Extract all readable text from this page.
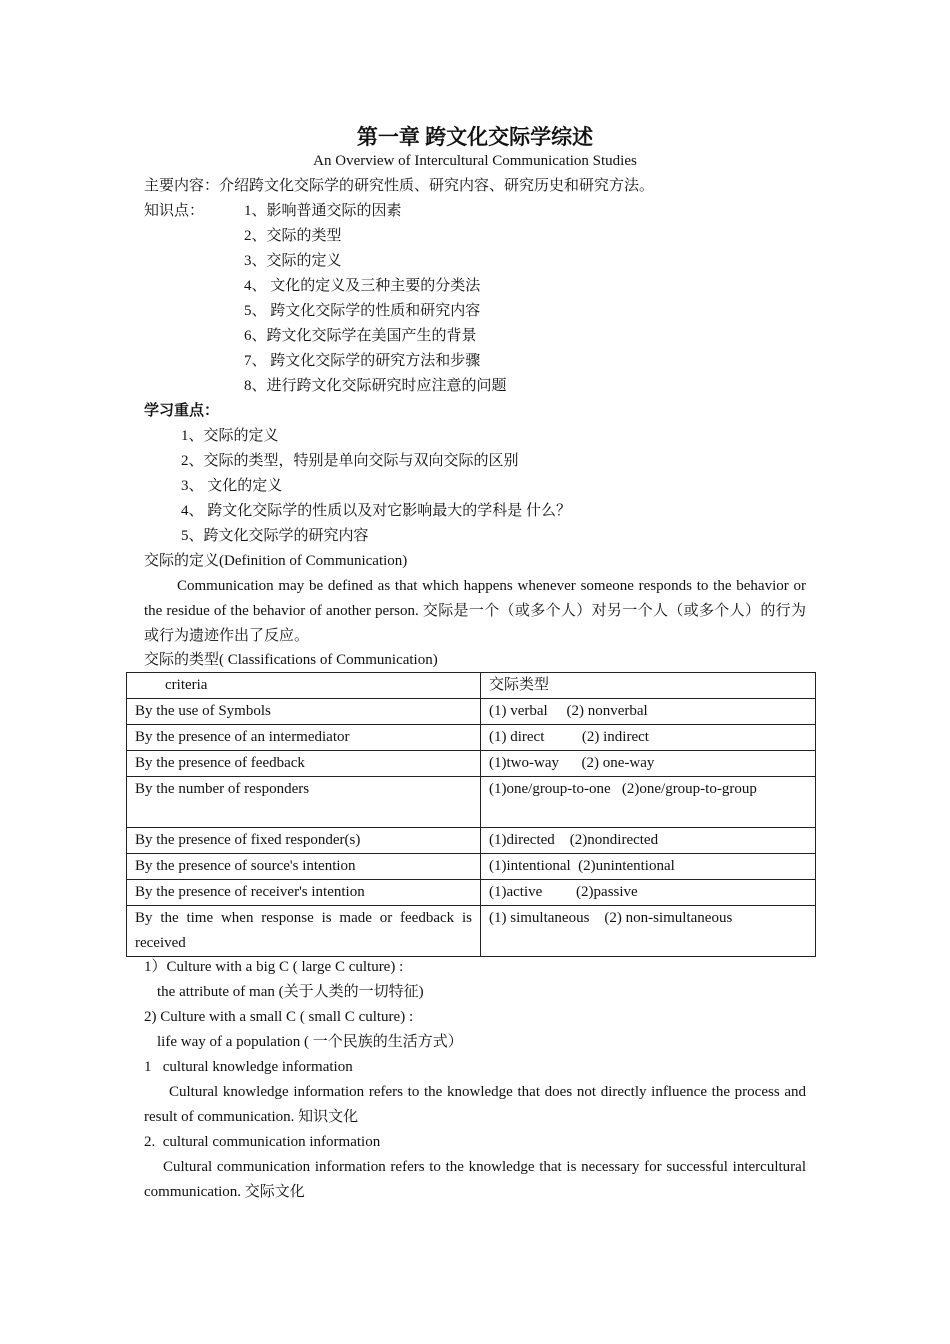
第一章 跨文化交际学综述
An Overview of Intercultural Communication Studies
主要内容：介绍跨文化交际学的研究性质、研究内容、研究历史和研究方法。
知识点：	1、影响普通交际的因素
2、交际的类型
3、交际的定义
4、 文化的定义及三种主要的分类法
5、 跨文化交际学的性质和研究内容
6、跨文化交际学在美国产生的背景
7、 跨文化交际学的研究方法和步骤
8、进行跨文化交际研究时应注意的问题
学习重点：
1、交际的定义
2、交际的类型，特别是单向交际与双向交际的区别
3、 文化的定义
4、 跨文化交际学的性质以及对它影响最大的学科是 什么？
5、跨文化交际学的研究内容
交际的定义(Definition of Communication)
Communication may be defined as that which happens whenever someone responds to the behavior or the residue of the behavior of another person. 交际是一个（或多个人）对另一个人（或多个人）的行为或行为遗迹作出了反应。
交际的类型( Classifications of Communication)
criteria	交际类型
By the use of Symbols	(1) verbal     (2) nonverbal
By the presence of an intermediator	(1) direct          (2) indirect
By the presence of feedback	(1)two-way      (2) one-way
By the number of responders	(1)one/group-to-one   (2)one/group-to-group
By the presence of fixed responder(s)	(1)directed    (2)nondirected
By the presence of source's intention	(1)intentional  (2)unintentional
By the presence of receiver's intention	(1)active         (2)passive
By the time when response is made or feedback is received	(1) simultaneous    (2) non-simultaneous
1）Culture with a big C ( large C culture) :
the attribute of man (关于人类的一切特征)
2) Culture with a small C ( small C culture) :
life way of a population ( 一个民族的生活方式）
1   cultural knowledge information
Cultural knowledge information refers to the knowledge that does not directly influence the process and result of communication. 知识文化
2.  cultural communication information
Cultural communication information refers to the knowledge that is necessary for successful intercultural communication. 交际文化
